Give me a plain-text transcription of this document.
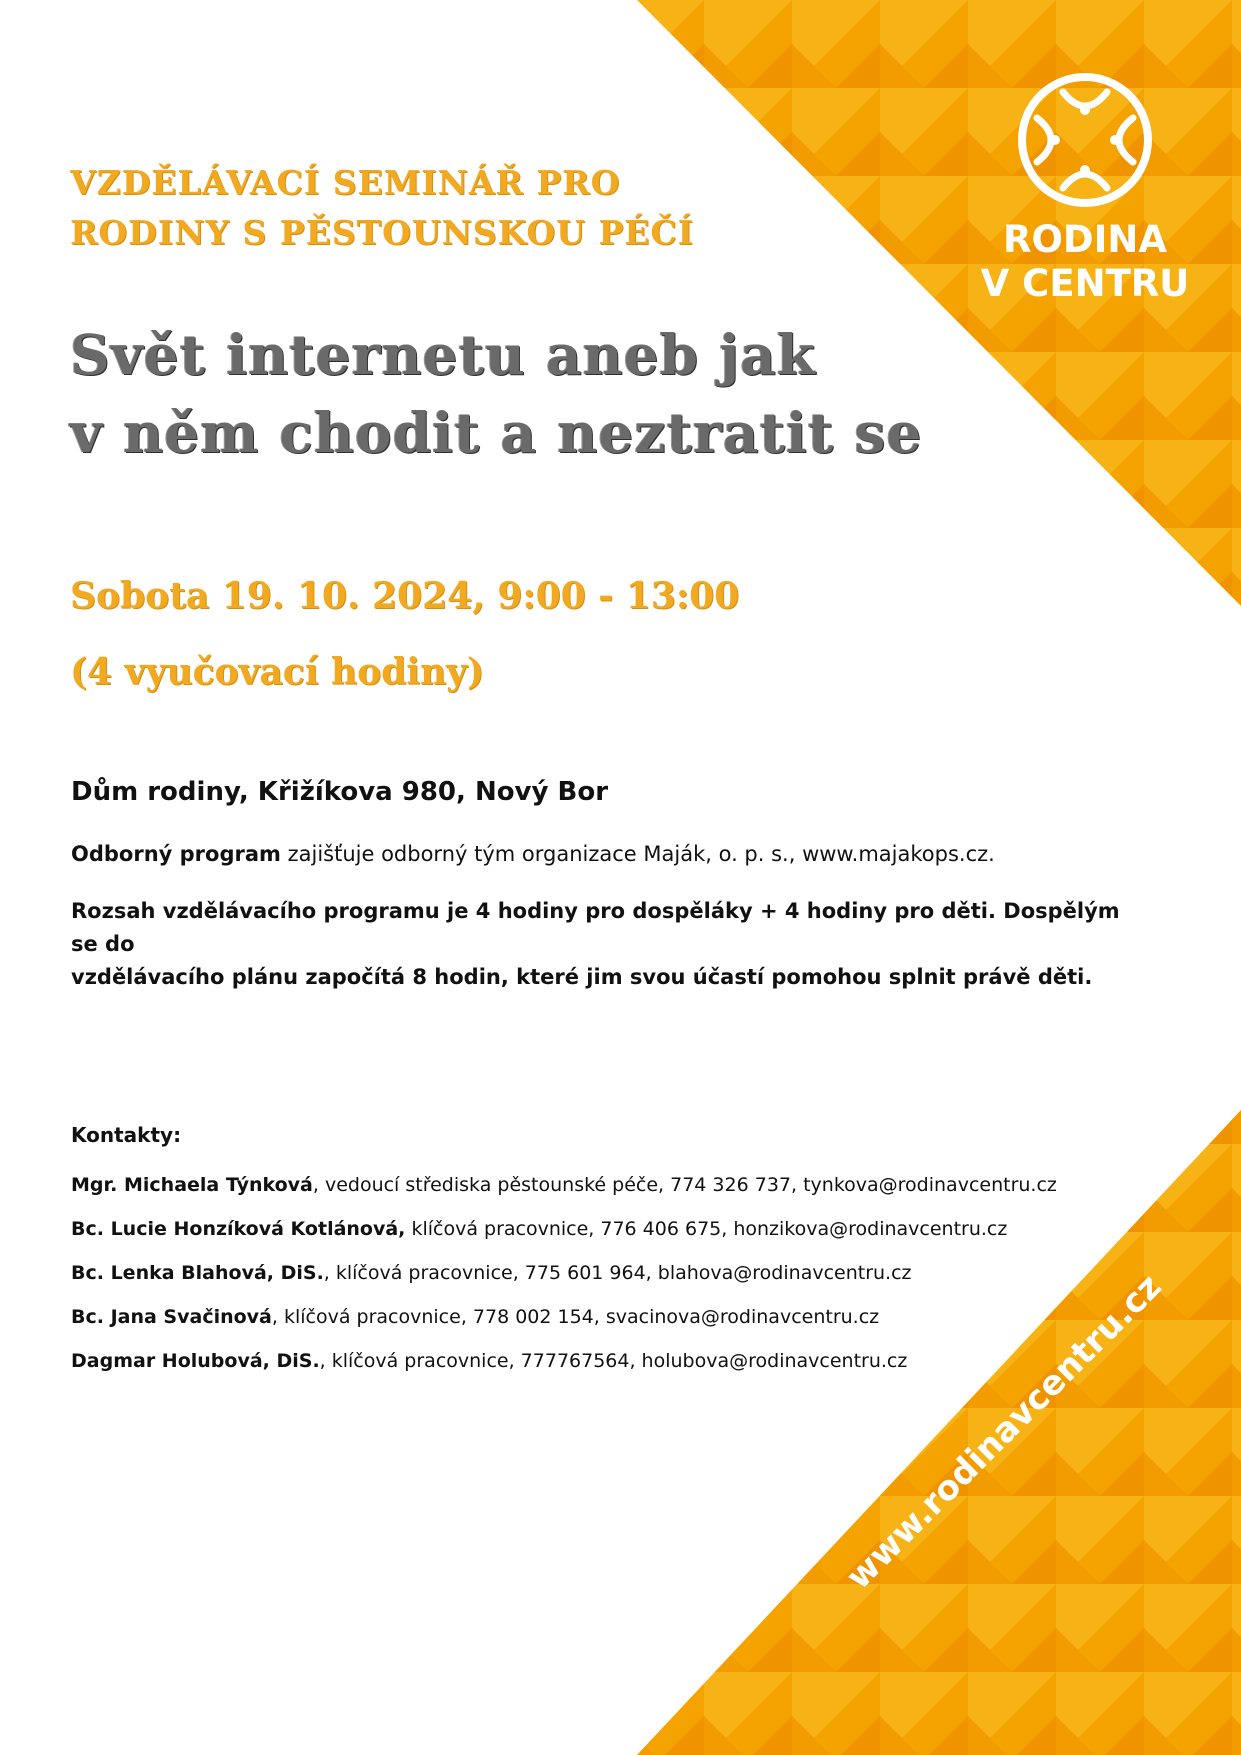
RODINA
V CENTRU
VZDĚLÁVACÍ SEMINÁŘ PRO
RODINY S PĚSTOUNSKOU PÉČÍ
Svět internetu aneb jak
v něm chodit a neztratit se
Sobota 19. 10. 2024, 9:00 - 13:00
(4 vyučovací hodiny)
Dům rodiny, Křižíkova 980, Nový Bor
Odborný program zajišťuje odborný tým organizace Maják, o. p. s., www.majakops.cz.
Rozsah vzdělávacího programu je 4 hodiny pro dospěláky + 4 hodiny pro děti. Dospělým se do
vzdělávacího plánu započítá 8 hodin, které jim svou účastí pomohou splnit právě děti.
Kontakty:
Mgr. Michaela Týnková, vedoucí střediska pěstounské péče, 774 326 737, tynkova@rodinavcentru.cz
Bc. Lucie Honzíková Kotlánová, klíčová pracovnice, 776 406 675, honzikova@rodinavcentru.cz
Bc. Lenka Blahová, DiS., klíčová pracovnice, 775 601 964, blahova@rodinavcentru.cz
Bc. Jana Svačinová, klíčová pracovnice, 778 002 154, svacinova@rodinavcentru.cz
Dagmar Holubová, DiS., klíčová pracovnice, 777767564, holubova@rodinavcentru.cz
www.rodinavcentru.cz
